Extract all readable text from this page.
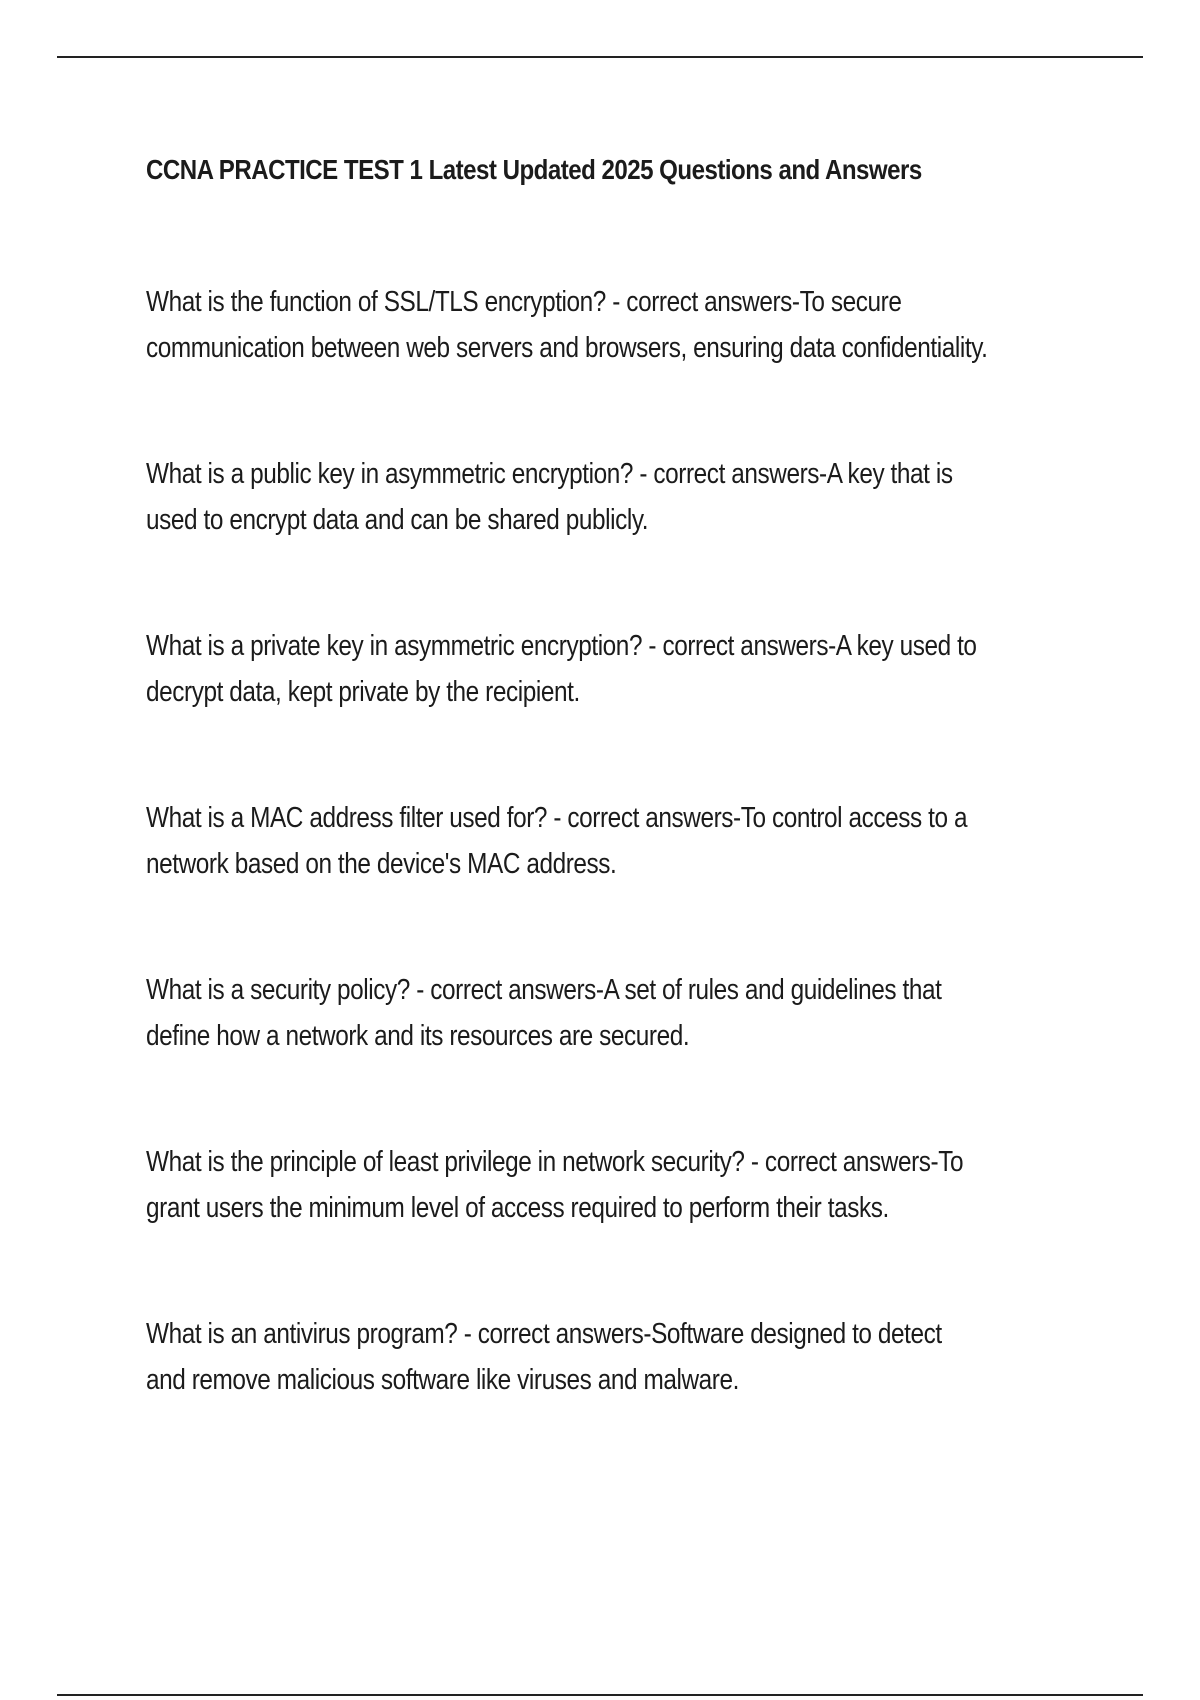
CCNA PRACTICE TEST 1 Latest Updated 2025 Questions and Answers

What is the function of SSL/TLS encryption? - correct answers-To secure
communication between web servers and browsers, ensuring data confidentiality.

What is a public key in asymmetric encryption? - correct answers-A key that is
used to encrypt data and can be shared publicly.

What is a private key in asymmetric encryption? - correct answers-A key used to
decrypt data, kept private by the recipient.

What is a MAC address filter used for? - correct answers-To control access to a
network based on the device's MAC address.

What is a security policy? - correct answers-A set of rules and guidelines that
define how a network and its resources are secured.

What is the principle of least privilege in network security? - correct answers-To
grant users the minimum level of access required to perform their tasks.

What is an antivirus program? - correct answers-Software designed to detect
and remove malicious software like viruses and malware.
